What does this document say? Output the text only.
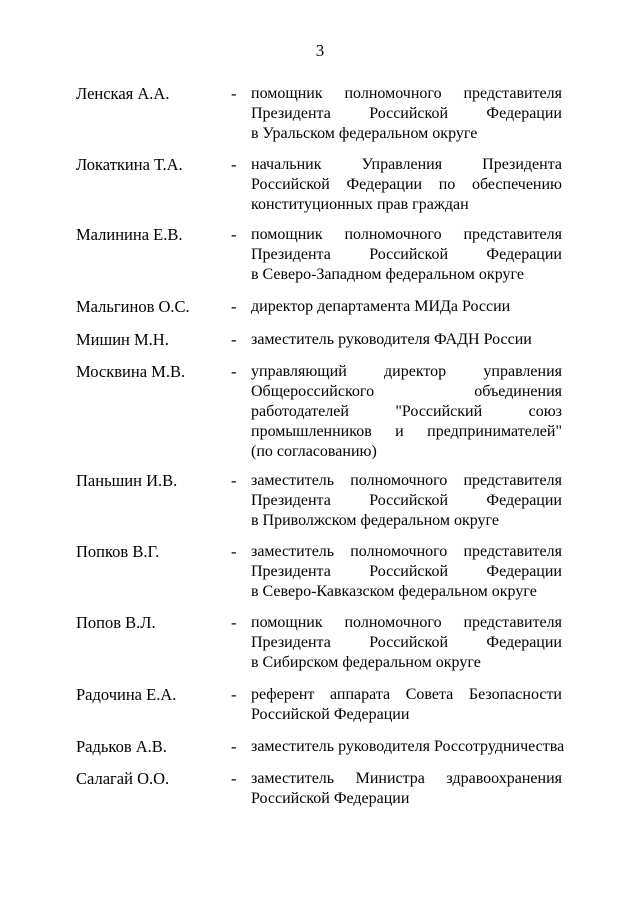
3
Ленская А.А.	- помощник полномочного представителя
Президента Российской Федерации
в Уральском федеральном округе
Локаткина Т.А.	- начальник Управления Президента
Российской Федерации по обеспечению
конституционных прав граждан
Малинина Е.В.	- помощник полномочного представителя
Президента Российской Федерации
в Северо-Западном федеральном округе
Мальгинов О.С.	- директор департамента МИДа России
Мишин М.Н.	- заместитель руководителя ФАДН России
Москвина М.В.	- управляющий директор управления
Общероссийского объединения
работодателей "Российский союз
промышленников и предпринимателей"
(по согласованию)
Паньшин И.В.	- заместитель полномочного представителя
Президента Российской Федерации
в Приволжском федеральном округе
Попков В.Г.	- заместитель полномочного представителя
Президента Российской Федерации
в Северо-Кавказском федеральном округе
Попов В.Л.	- помощник полномочного представителя
Президента Российской Федерации
в Сибирском федеральном округе
Радочина Е.А.	- референт аппарата Совета Безопасности
Российской Федерации
Радьков А.В.	- заместитель руководителя Россотрудничества
Салагай О.О.	- заместитель Министра здравоохранения
Российской Федерации
